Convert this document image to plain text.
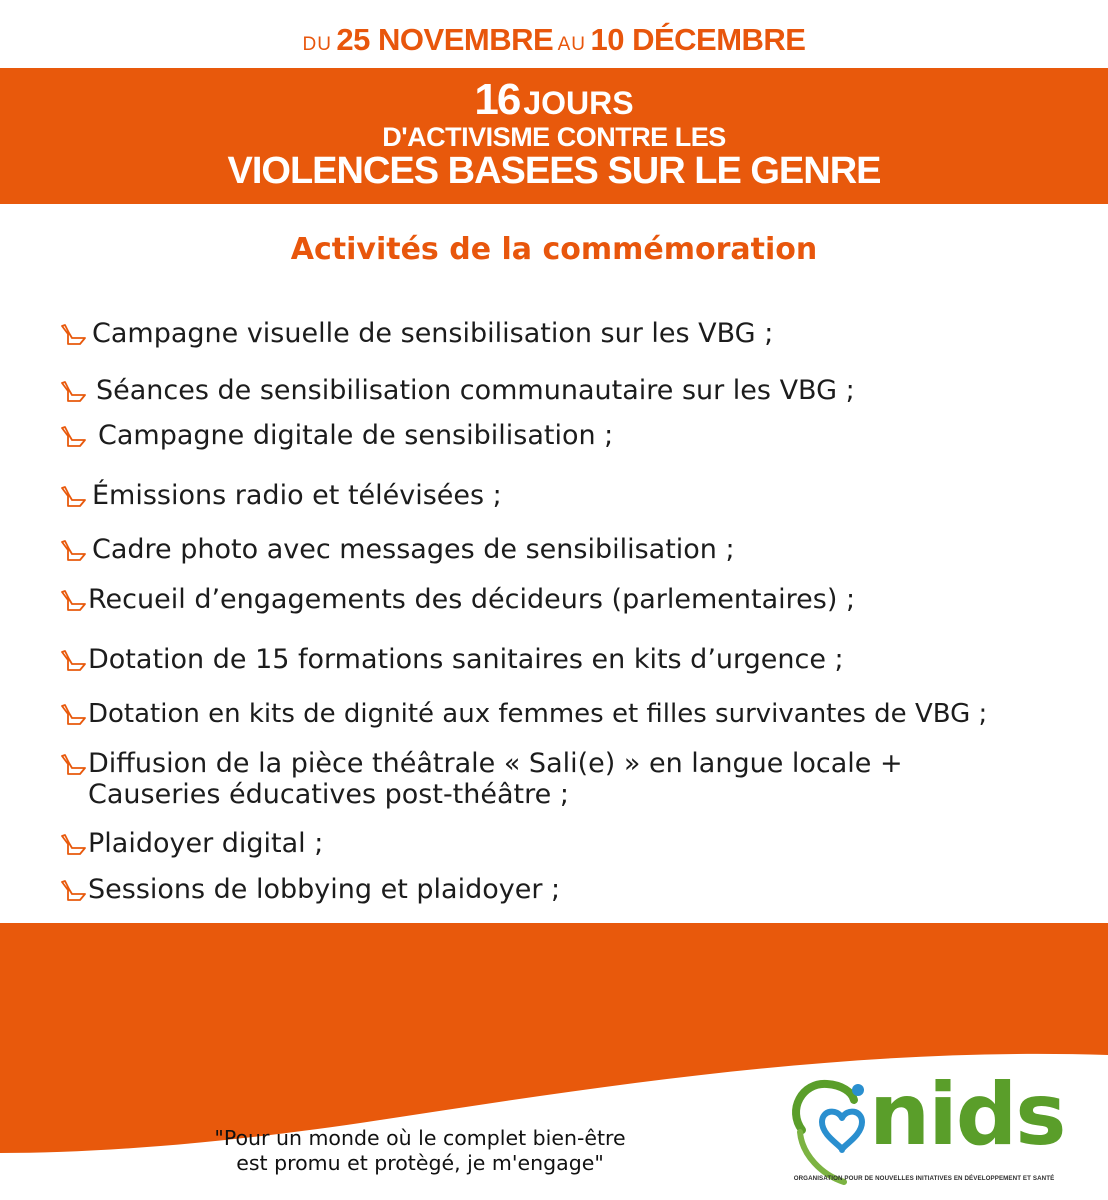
DU 25 NOVEMBRE AU 10 DÉCEMBRE
16 JOURS
D'ACTIVISME CONTRE LES
VIOLENCES BASEES SUR LE GENRE
Activités de la commémoration
Campagne visuelle de sensibilisation sur les VBG ;
Séances de sensibilisation communautaire sur les VBG ;
Campagne digitale de sensibilisation ;
Émissions radio et télévisées ;
Cadre photo avec messages de sensibilisation ;
Recueil d’engagements des décideurs (parlementaires) ;
Dotation de 15 formations sanitaires en kits d’urgence ;
Dotation en kits de dignité aux femmes et filles survivantes de VBG ;
Diffusion de la pièce théâtrale « Sali(e) » en langue locale +
Causeries éducatives post-théâtre ;
Plaidoyer digital ;
Sessions de lobbying et plaidoyer ;
"Pour un monde où le complet bien-être
est promu et protègé, je m'engage"	nids
ORGANISATION POUR DE NOUVELLES INITIATIVES EN DÉVELOPPEMENT ET SANTÉ
